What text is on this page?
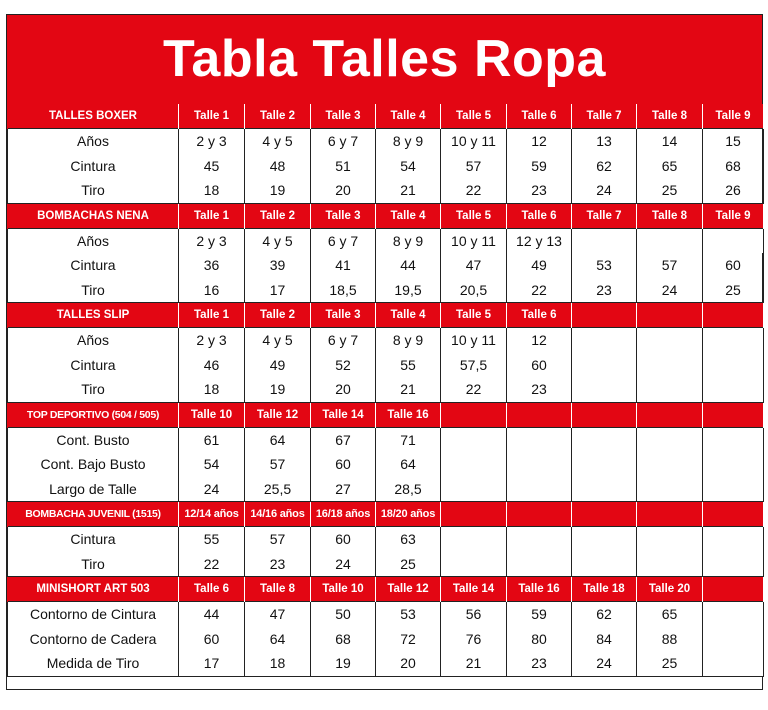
Tabla Talles Ropa
TALLES BOXER	Talle 1	Talle 2	Talle 3	Talle 4	Talle 5	Talle 6	Talle 7	Talle 8	Talle 9
Años	2 y 3	4 y 5	6 y 7	8 y 9	10 y 11	12	13	14	15
Cintura	45	48	51	54	57	59	62	65	68
Tiro	18	19	20	21	22	23	24	25	26
BOMBACHAS NENA	Talle 1	Talle 2	Talle 3	Talle 4	Talle 5	Talle 6	Talle 7	Talle 8	Talle 9
Años	2 y 3	4 y 5	6 y 7	8 y 9	10 y 11	12 y 13			
Cintura	36	39	41	44	47	49	53	57	60
Tiro	16	17	18,5	19,5	20,5	22	23	24	25
TALLES SLIP	Talle 1	Talle 2	Talle 3	Talle 4	Talle 5	Talle 6			
Años	2 y 3	4 y 5	6 y 7	8 y 9	10 y 11	12			
Cintura	46	49	52	55	57,5	60			
Tiro	18	19	20	21	22	23			
TOP DEPORTIVO (504 / 505)	Talle 10	Talle 12	Talle 14	Talle 16					
Cont. Busto	61	64	67	71					
Cont. Bajo Busto	54	57	60	64					
Largo de Talle	24	25,5	27	28,5					
BOMBACHA JUVENIL (1515)	12/14 años	14/16 años	16/18 años	18/20 años					
Cintura	55	57	60	63					
Tiro	22	23	24	25					
MINISHORT ART 503	Talle 6	Talle 8	Talle 10	Talle 12	Talle 14	Talle 16	Talle 18	Talle 20	
Contorno de Cintura	44	47	50	53	56	59	62	65	
Contorno de Cadera	60	64	68	72	76	80	84	88	
Medida de Tiro	17	18	19	20	21	23	24	25	
